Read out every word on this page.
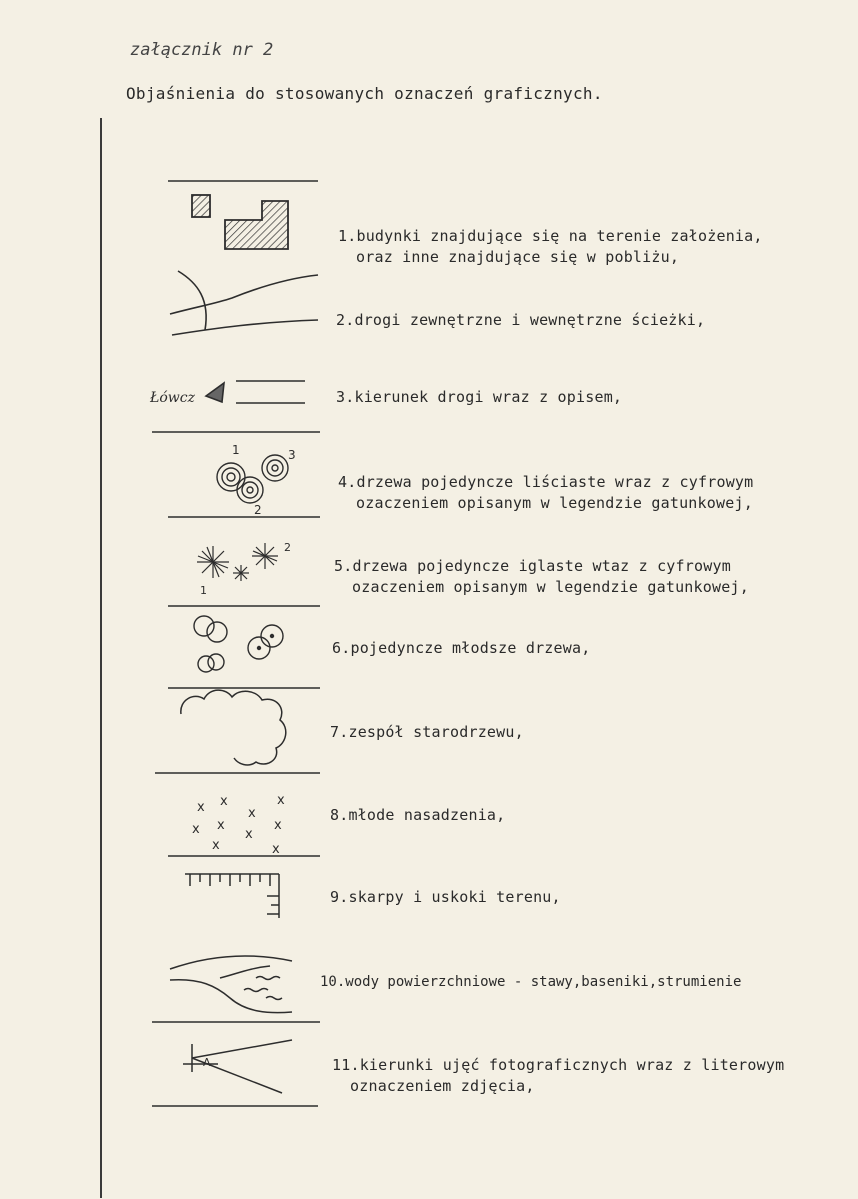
załącznik nr 2
Objaśnienia do stosowanych oznaczeń graficznych.
Łówcz
1
2
3
1
2
x x	x
x
x x
x
x
x	x
A
1.budynki znajdujące się na terenie założenia,
oraz inne znajdujące się w pobliżu,
2.drogi zewnętrzne i wewnętrzne ścieżki,
3.kierunek drogi wraz z opisem,
4.drzewa pojedyncze liściaste wraz z cyfrowym
ozaczeniem opisanym w legendzie gatunkowej,
5.drzewa pojedyncze iglaste wtaz z cyfrowym
ozaczeniem opisanym w legendzie gatunkowej,
6.pojedyncze młodsze drzewa,
7.zespół starodrzewu,
8.młode nasadzenia,
9.skarpy i uskoki terenu,
10.wody powierzchniowe - stawy,baseniki,strumienie
11.kierunki ujęć fotograficznych wraz z literowym
oznaczeniem zdjęcia,
